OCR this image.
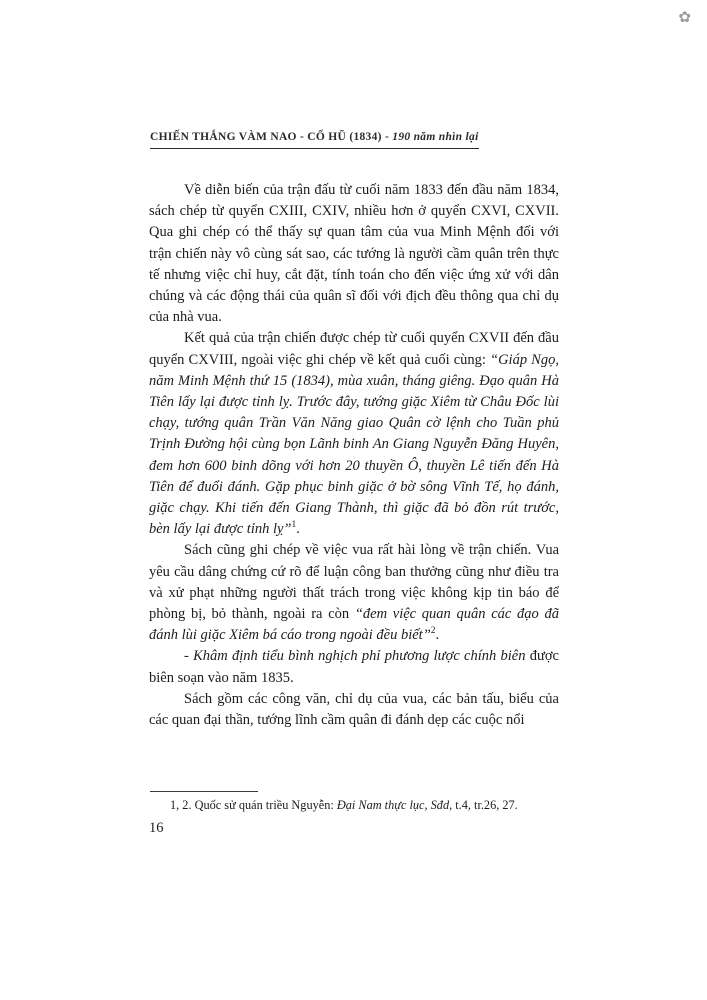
✿
CHIẾN THẮNG VÀM NAO - CỔ HŨ (1834) - 190 năm nhìn lại

Về diễn biến của trận đấu từ cuối năm 1833 đến đầu năm 1834, sách chép từ quyển CXIII, CXIV, nhiều hơn ở quyển CXVI, CXVII. Qua ghi chép có thể thấy sự quan tâm của vua Minh Mệnh đối với trận chiến này vô cùng sát sao, các tướng là người cầm quân trên thực tế nhưng việc chỉ huy, cắt đặt, tính toán cho đến việc ứng xử với dân chúng và các động thái của quân sĩ đối với địch đều thông qua chỉ dụ của nhà vua.

Kết quả của trận chiến được chép từ cuối quyển CXVII đến đầu quyển CXVIII, ngoài việc ghi chép về kết quả cuối cùng: “Giáp Ngọ, năm Minh Mệnh thứ 15 (1834), mùa xuân, tháng giêng. Đạo quân Hà Tiên lấy lại được tỉnh lỵ. Trước đây, tướng giặc Xiêm từ Châu Đốc lùi chạy, tướng quân Trần Văn Năng giao Quân cờ lệnh cho Tuần phủ Trịnh Đường hội cùng bọn Lãnh binh An Giang Nguyễn Đăng Huyên, đem hơn 600 binh dõng với hơn 20 thuyền Ô, thuyền Lê tiến đến Hà Tiên để đuổi đánh. Gặp phục binh giặc ở bờ sông Vĩnh Tế, họ đánh, giặc chạy. Khi tiến đến Giang Thành, thì giặc đã bỏ đồn rút trước, bèn lấy lại được tỉnh lỵ”$^1$.

Sách cũng ghi chép về việc vua rất hài lòng về trận chiến. Vua yêu cầu dâng chứng cứ rõ để luận công ban thưởng cũng như điều tra và xử phạt những người thất trách trong việc không kịp tin báo để phòng bị, bỏ thành, ngoài ra còn “đem việc quan quân các đạo đã đánh lùi giặc Xiêm bá cáo trong ngoài đều biết”$^2$.

- Khâm định tiểu bình nghịch phỉ phương lược chính biên được biên soạn vào năm 1835.

Sách gồm các công văn, chỉ dụ của vua, các bản tấu, biểu của các quan đại thần, tướng lĩnh cầm quân đi đánh dẹp các cuộc nổi

1, 2. Quốc sử quán triều Nguyễn: Đại Nam thực lục, Sđd, t.4, tr.26, 27.
16
